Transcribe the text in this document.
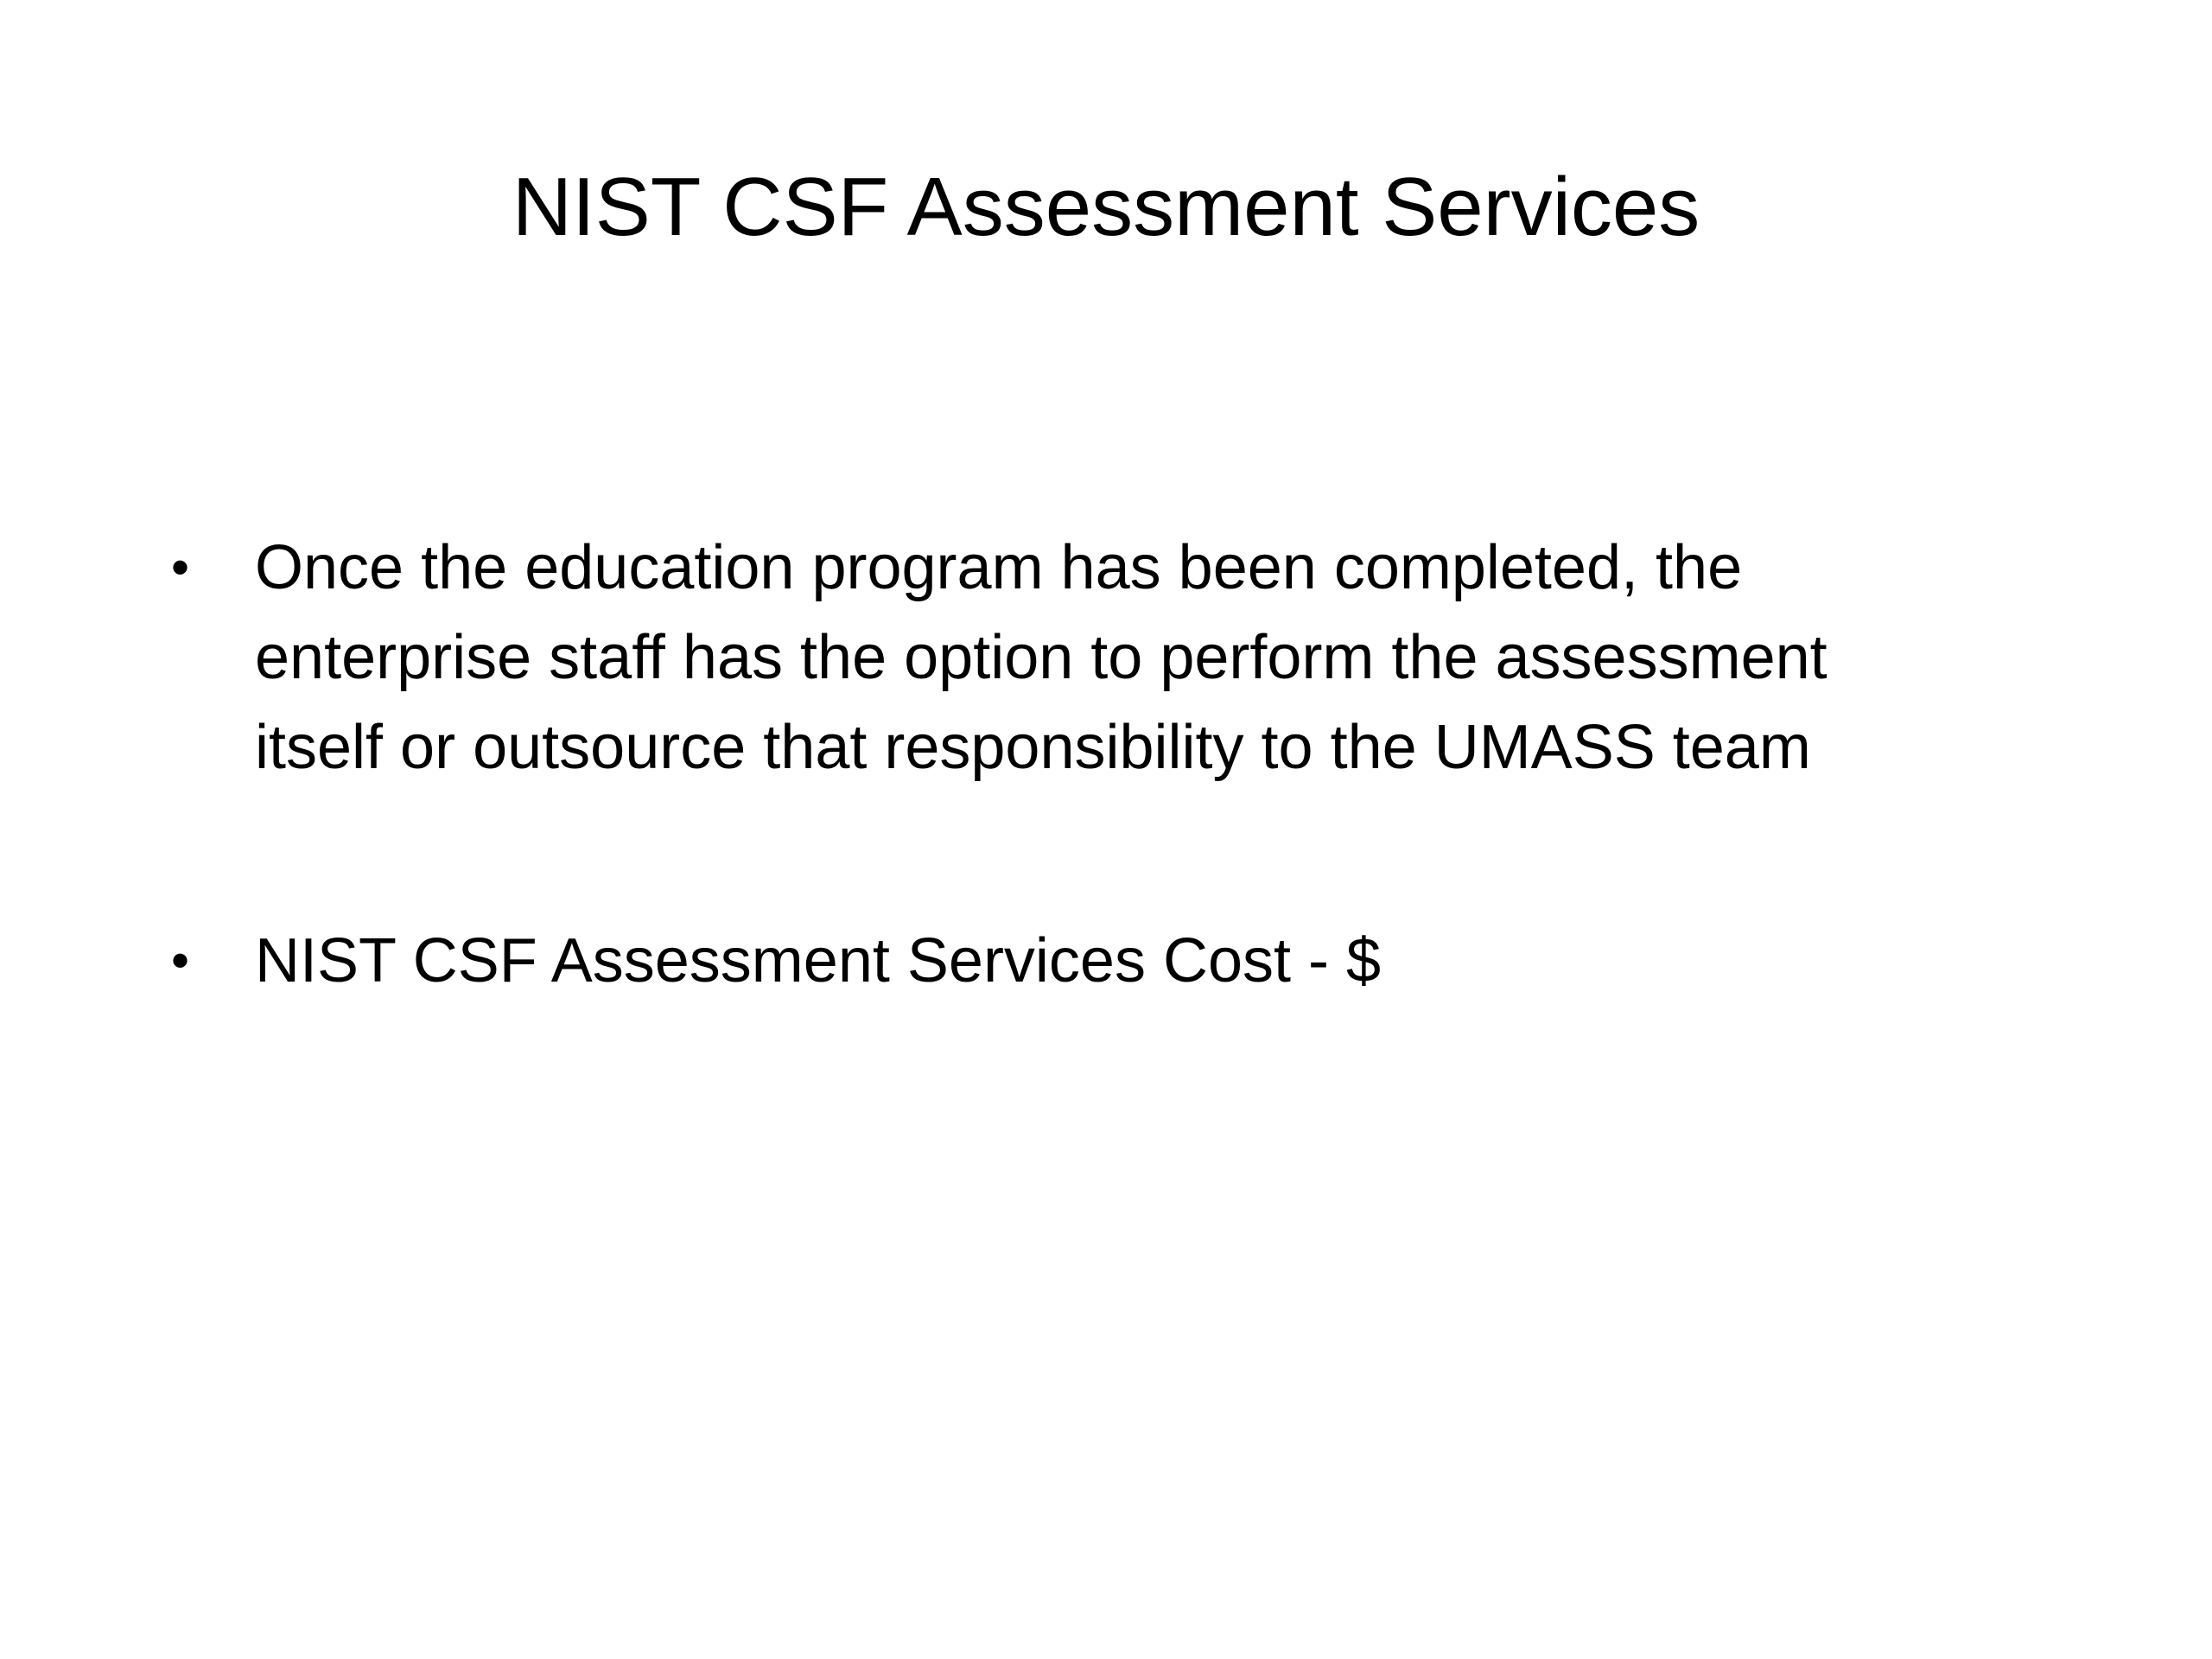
NIST CSF Assessment Services
• Once the education program has been completed, the
enterprise staff has the option to perform the assessment
itself or outsource that responsibility to the UMASS team
• NIST CSF Assessment Services Cost - $
